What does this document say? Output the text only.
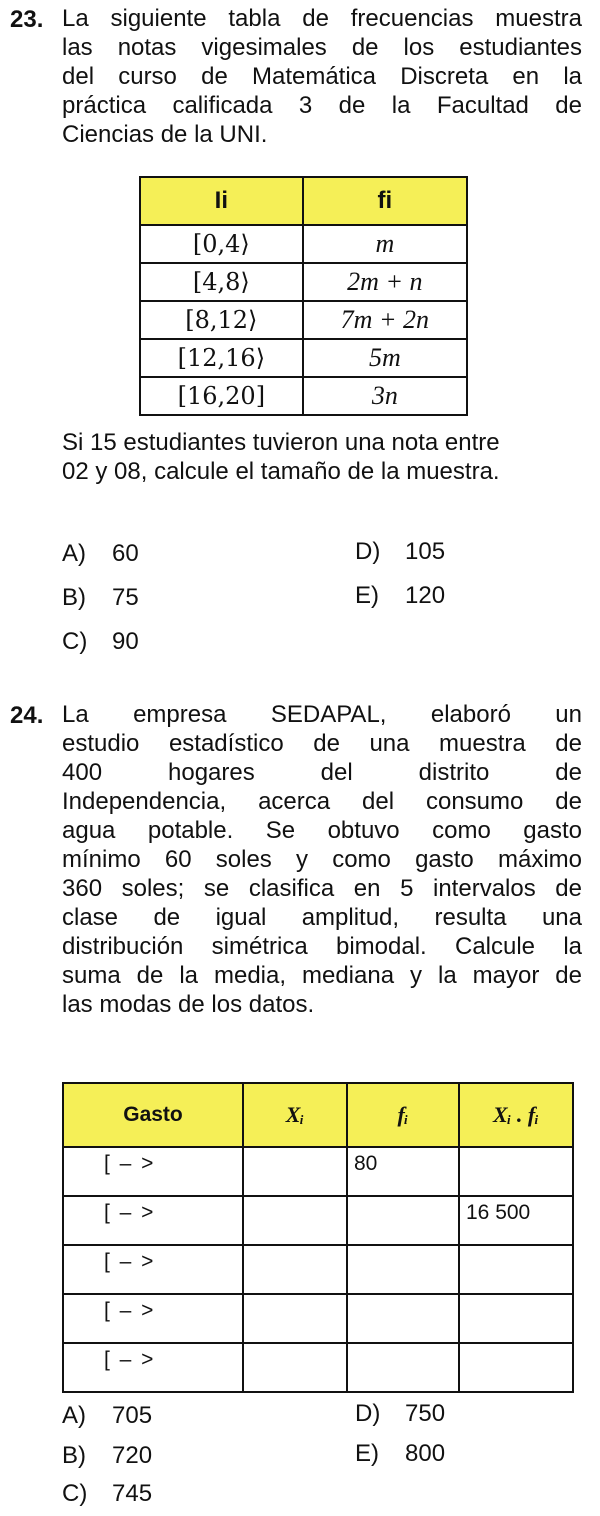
23. La siguiente tabla de frecuencias muestra
las notas vigesimales de los estudiantes
del curso de Matemática Discreta en la
práctica calificada 3 de la Facultad de
Ciencias de la UNI.
Ii	fi
[0,4⟩	m
[4,8⟩	2m + n
[8,12⟩	7m + 2n
[12,16⟩	5m
[16,20]	3n
Si 15 estudiantes tuvieron una nota entre
02 y 08, calcule el tamaño de la muestra.
A) 60
B) 75
C) 90
D) 105
E) 120
24. La empresa SEDAPAL, elaboró un
estudio estadístico de una muestra de
400 hogares del distrito de
Independencia, acerca del consumo de
agua potable. Se obtuvo como gasto
mínimo 60 soles y como gasto máximo
360 soles; se clasifica en 5 intervalos de
clase de igual amplitud, resulta una
distribución simétrica bimodal. Calcule la
suma de la media, mediana y la mayor de
las modas de los datos.
Gasto	Xᵢ	fᵢ	Xᵢ . fᵢ
[ – >		80	
[ – >			16 500
[ – >			
[ – >			
[ – >			
A) 705
B) 720
C) 745
D) 750
E) 800
